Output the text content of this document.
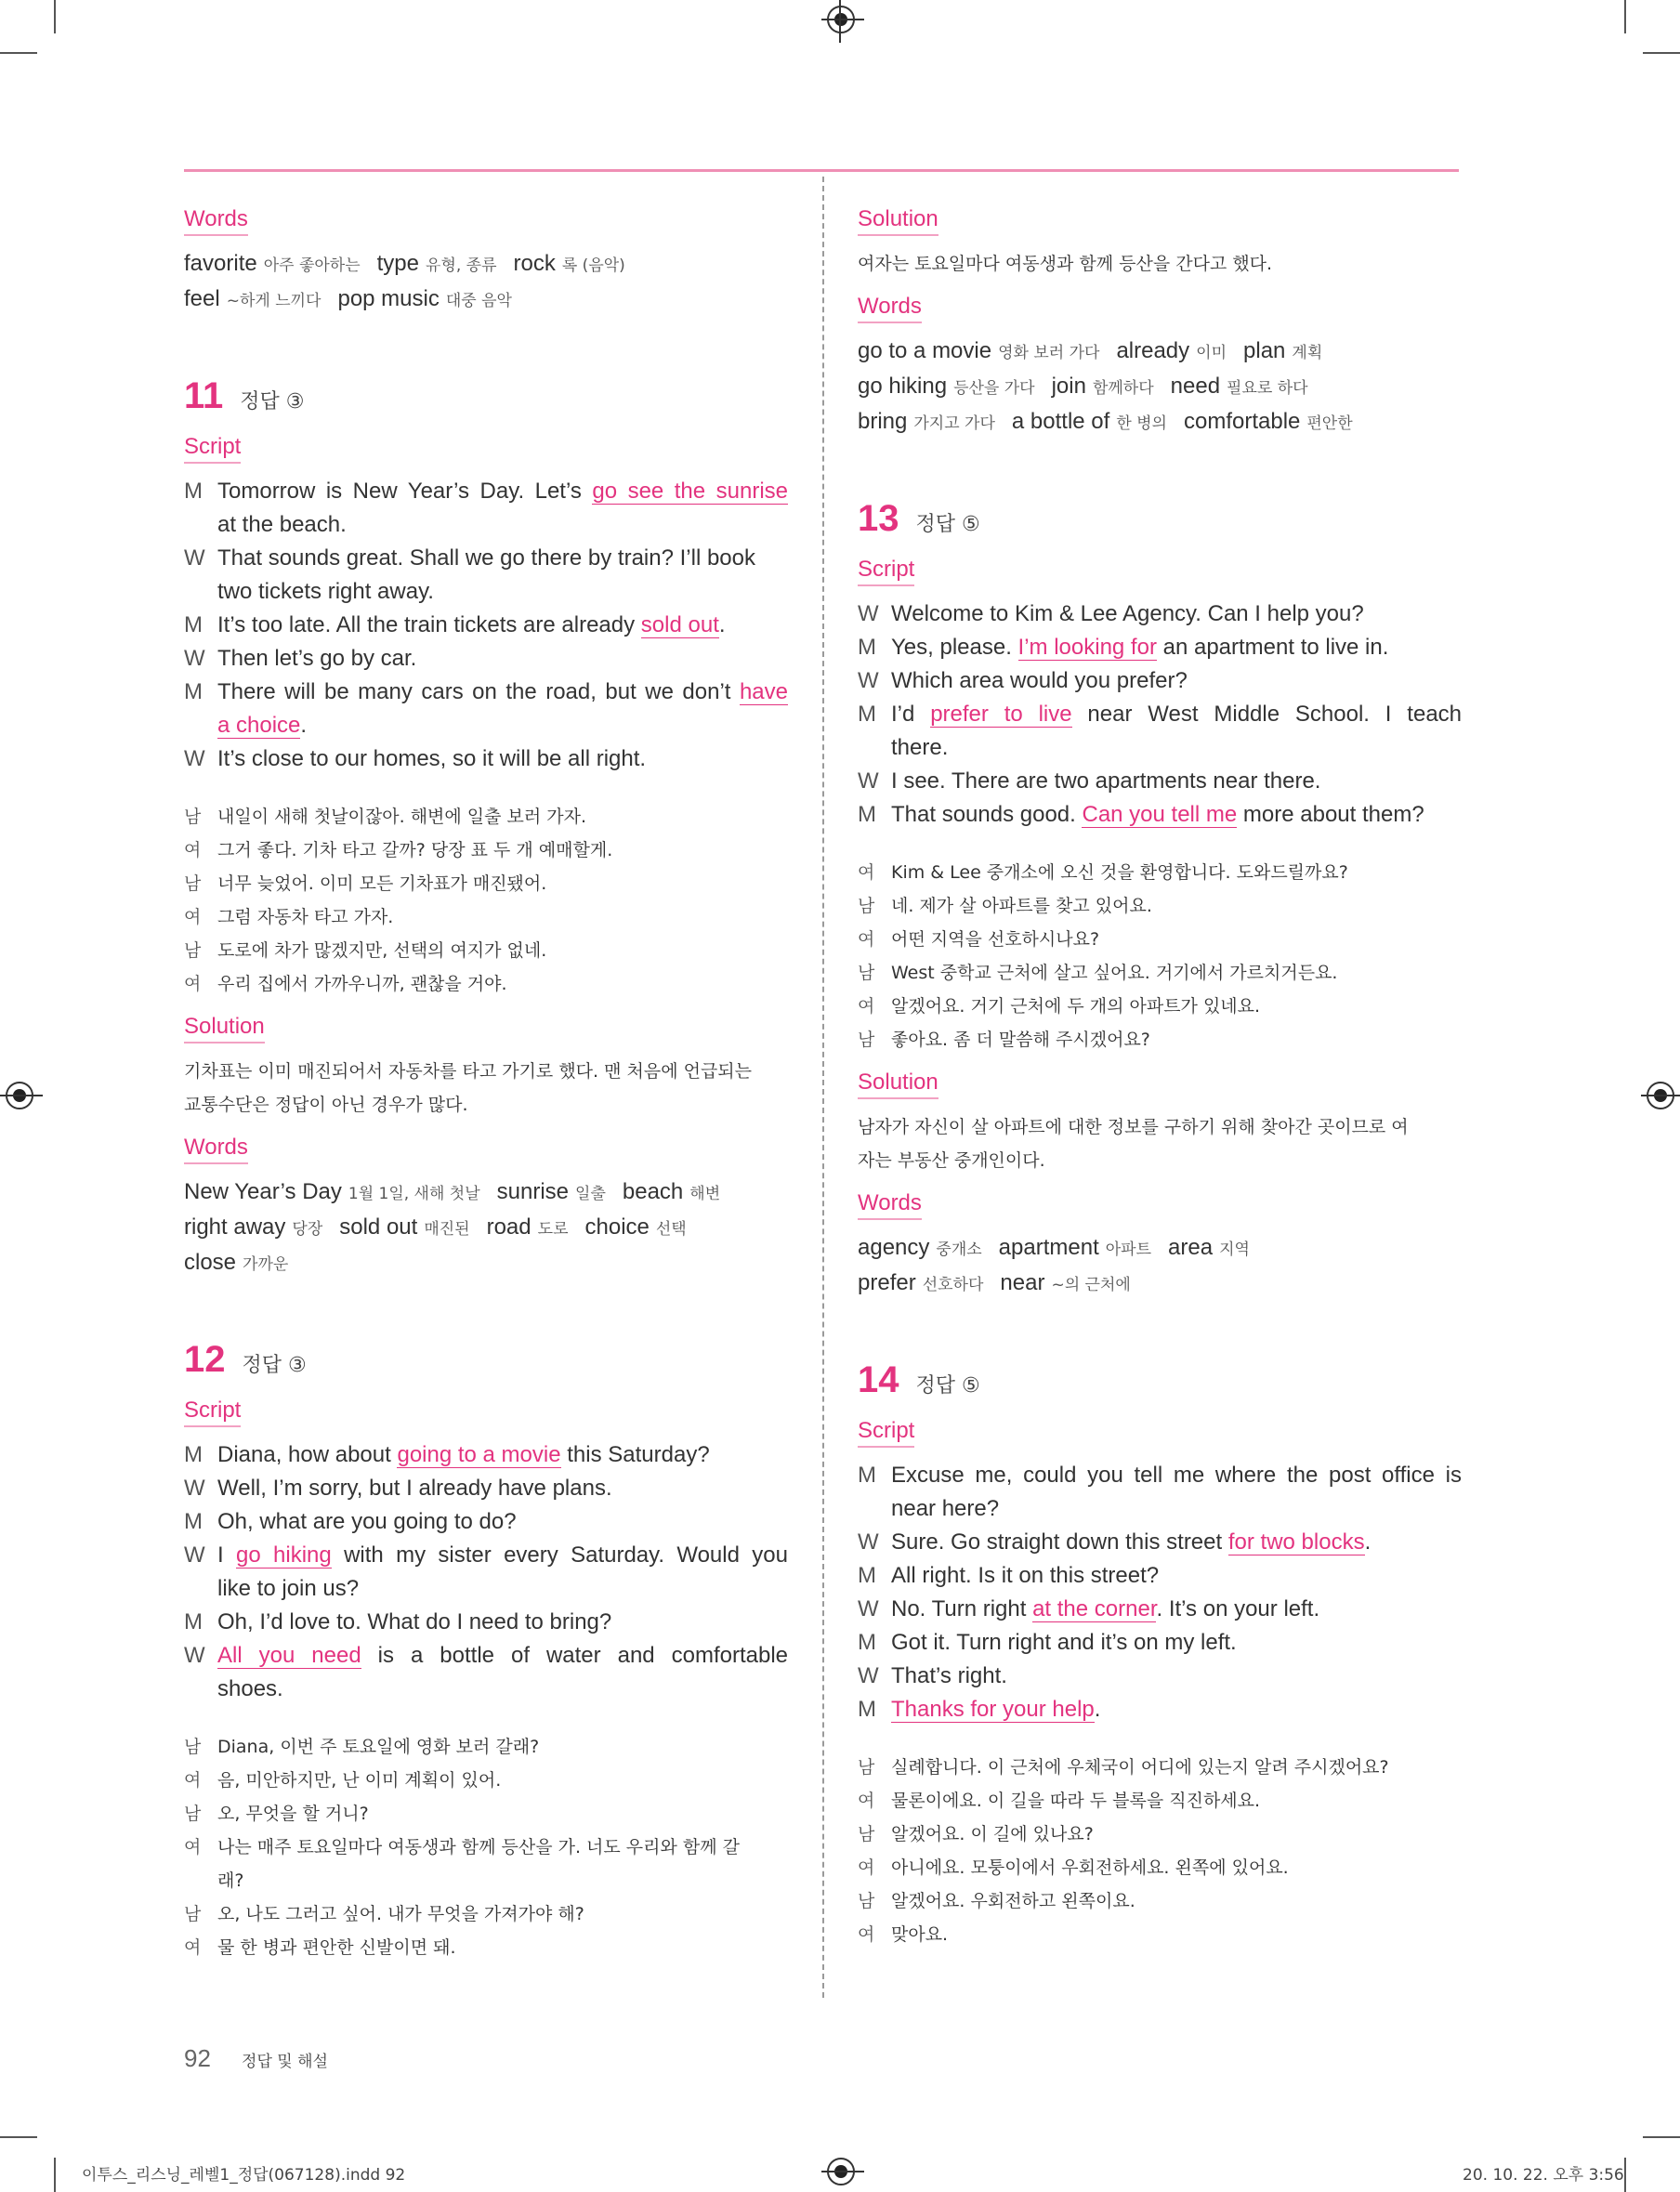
Words
favorite 아주 좋아하는 type 유형, 종류 rock 록 (음악)
feel ~하게 느끼다 pop music 대중 음악
11 정답 ③
Script
M Tomorrow is New Year’s Day. Let’s go see the sunrise
at the beach.
W That sounds great. Shall we go there by train? I’ll book
two tickets right away.
M It’s too late. All the train tickets are already sold out.
W Then let’s go by car.
M There will be many cars on the road, but we don’t have
a choice.
W It’s close to our homes, so it will be all right.
남 내일이 새해 첫날이잖아. 해변에 일출 보러 가자.
여 그거 좋다. 기차 타고 갈까? 당장 표 두 개 예매할게.
남 너무 늦었어. 이미 모든 기차표가 매진됐어.
여 그럼 자동차 타고 가자.
남 도로에 차가 많겠지만, 선택의 여지가 없네.
여 우리 집에서 가까우니까, 괜찮을 거야.
Solution
기차표는 이미 매진되어서 자동차를 타고 가기로 했다. 맨 처음에 언급되는
교통수단은 정답이 아닌 경우가 많다.
Words
New Year’s Day 1월 1일, 새해 첫날 sunrise 일출 beach 해변
right away 당장 sold out 매진된 road 도로 choice 선택
close 가까운
12 정답 ③
Script
M Diana, how about going to a movie this Saturday?
W Well, I’m sorry, but I already have plans.
M Oh, what are you going to do?
W I go hiking with my sister every Saturday. Would you
like to join us?
M Oh, I’d love to. What do I need to bring?
W All you need is a bottle of water and comfortable
shoes.
남 Diana, 이번 주 토요일에 영화 보러 갈래?
여 음, 미안하지만, 난 이미 계획이 있어.
남 오, 무엇을 할 거니?
여 나는 매주 토요일마다 여동생과 함께 등산을 가. 너도 우리와 함께 갈
래?
남 오, 나도 그러고 싶어. 내가 무엇을 가져가야 해?
여 물 한 병과 편안한 신발이면 돼.
Solution
여자는 토요일마다 여동생과 함께 등산을 간다고 했다.
Words
go to a movie 영화 보러 가다 already 이미 plan 계획
go hiking 등산을 가다 join 함께하다 need 필요로 하다
bring 가지고 가다 a bottle of 한 병의 comfortable 편안한
13 정답 ⑤
Script
W Welcome to Kim & Lee Agency. Can I help you?
M Yes, please. I’m looking for an apartment to live in.
W Which area would you prefer?
M I’d prefer to live near West Middle School. I teach
there.
W I see. There are two apartments near there.
M That sounds good. Can you tell me more about them?
여 Kim & Lee 중개소에 오신 것을 환영합니다. 도와드릴까요?
남 네. 제가 살 아파트를 찾고 있어요.
여 어떤 지역을 선호하시나요?
남 West 중학교 근처에 살고 싶어요. 거기에서 가르치거든요.
여 알겠어요. 거기 근처에 두 개의 아파트가 있네요.
남 좋아요. 좀 더 말씀해 주시겠어요?
Solution
남자가 자신이 살 아파트에 대한 정보를 구하기 위해 찾아간 곳이므로 여
자는 부동산 중개인이다.
Words
agency 중개소 apartment 아파트 area 지역
prefer 선호하다 near ~의 근처에
14 정답 ⑤
Script
M Excuse me, could you tell me where the post office is
near here?
W Sure. Go straight down this street for two blocks.
M All right. Is it on this street?
W No. Turn right at the corner. It’s on your left.
M Got it. Turn right and it’s on my left.
W That’s right.
M Thanks for your help.
남 실례합니다. 이 근처에 우체국이 어디에 있는지 알려 주시겠어요?
여 물론이에요. 이 길을 따라 두 블록을 직진하세요.
남 알겠어요. 이 길에 있나요?
여 아니에요. 모퉁이에서 우회전하세요. 왼쪽에 있어요.
남 알겠어요. 우회전하고 왼쪽이요.
여 맞아요.
92 정답 및 해설
이투스_리스닝_레벨1_정답(067128).indd 92	20. 10. 22. 오후 3:56
